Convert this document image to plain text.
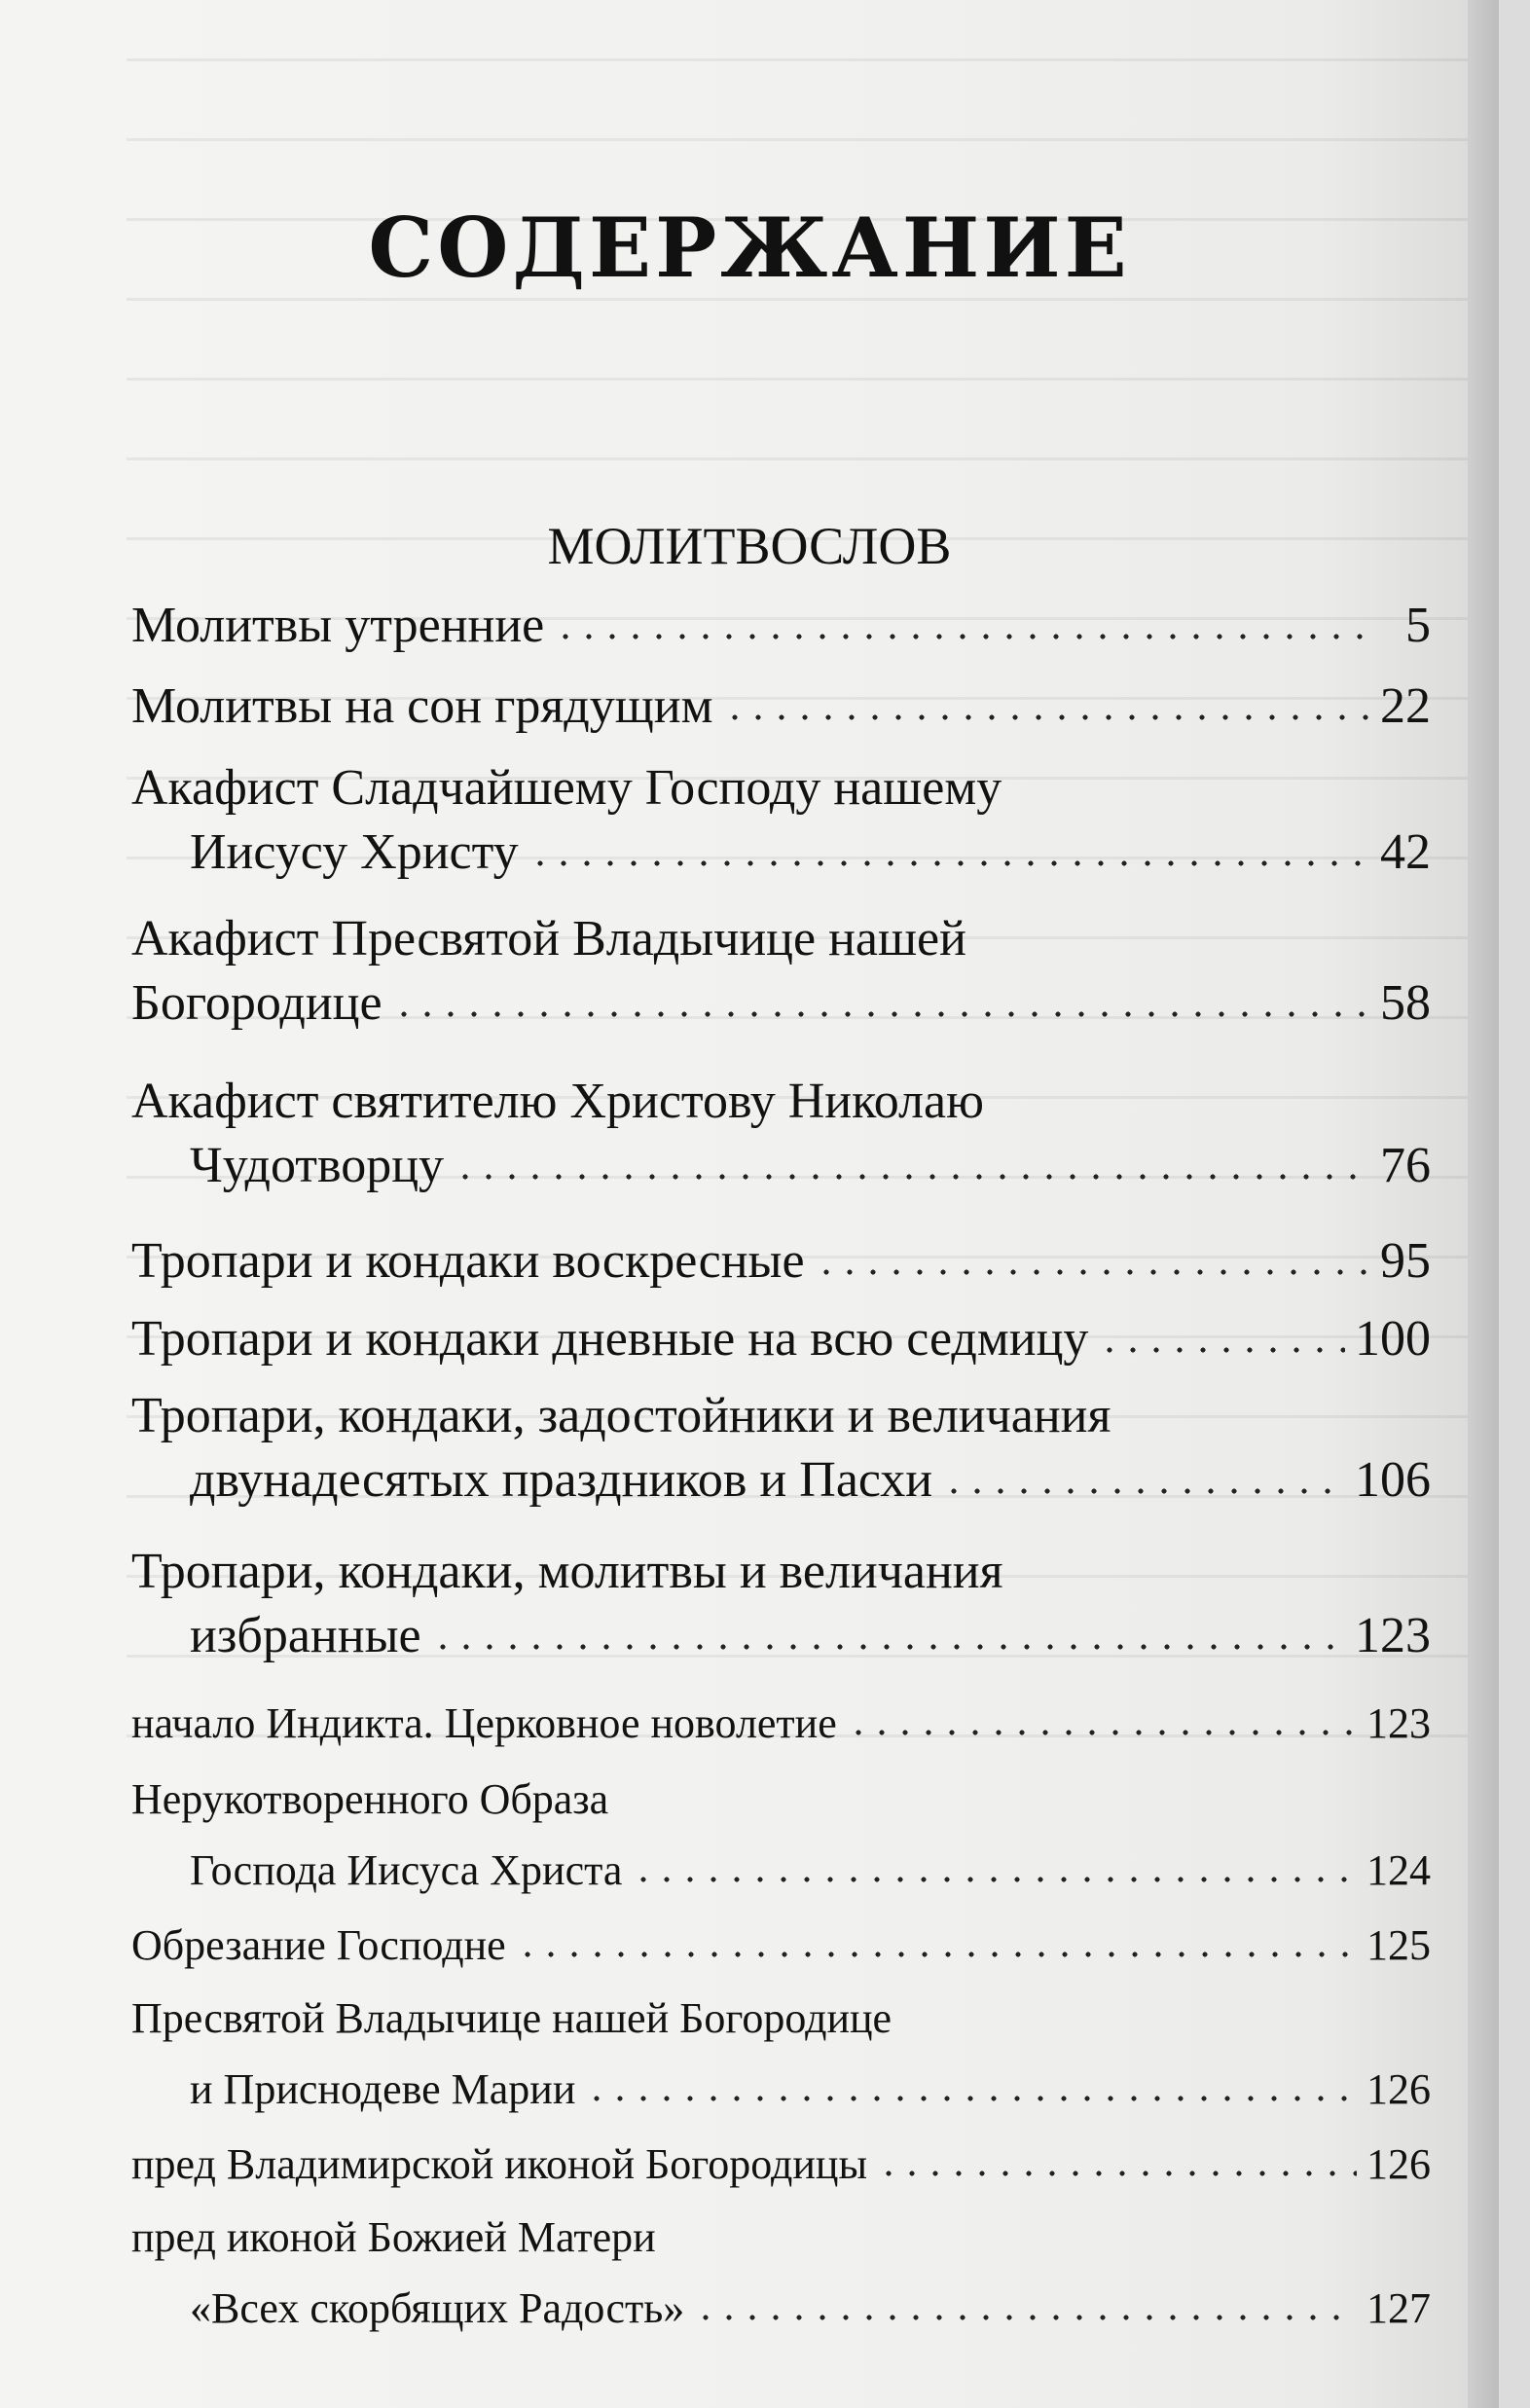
СОДЕРЖАНИЕ
МОЛИТВОСЛОВ
Молитвы утренние	5
Молитвы на сон грядущим	22
Акафист Сладчайшему Господу нашему
Иисусу Христу	42
Акафист Пресвятой Владычице нашей
Богородице	58
Акафист святителю Христову Николаю
Чудотворцу	76
Тропари и кондаки воскресные	95
Тропари и кондаки дневные на всю седмицу	100
Тропари, кондаки, задостойники и величания
двунадесятых праздников и Пасхи	106
Тропари, кондаки, молитвы и величания
избранные	123
начало Индикта. Церковное новолетие	123
Нерукотворенного Образа
Господа Иисуса Христа	124
Обрезание Господне	125
Пресвятой Владычице нашей Богородице
и Приснодеве Марии	126
пред Владимирской иконой Богородицы	126
пред иконой Божией Матери
«Всех скорбящих Радость»	127
